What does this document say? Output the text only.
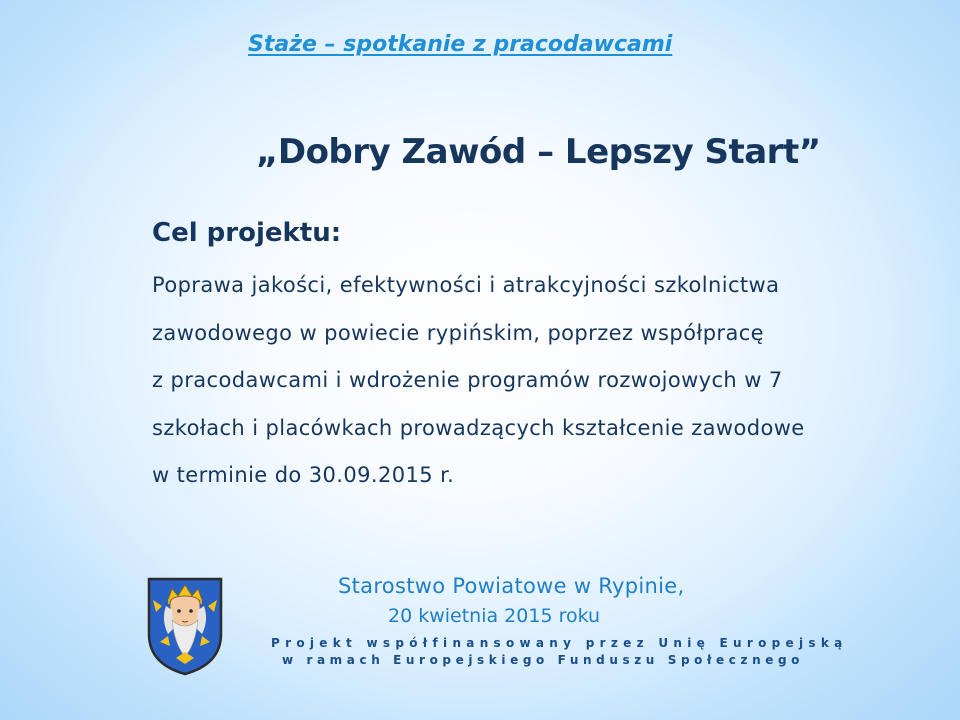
Staże – spotkanie z pracodawcami
„Dobry Zawód – Lepszy Start”
Cel projektu:
Poprawa jakości, efektywności i atrakcyjności szkolnictwa
zawodowego w powiecie rypińskim, poprzez współpracę
z pracodawcami i wdrożenie programów rozwojowych w 7
szkołach i placówkach prowadzących kształcenie zawodowe
w terminie do 30.09.2015 r.

Starostwo Powiatowe w Rypinie,

20 kwietnia 2015 roku

Projekt współfinansowany przez Unię Europejską

w ramach Europejskiego Funduszu Społecznego
